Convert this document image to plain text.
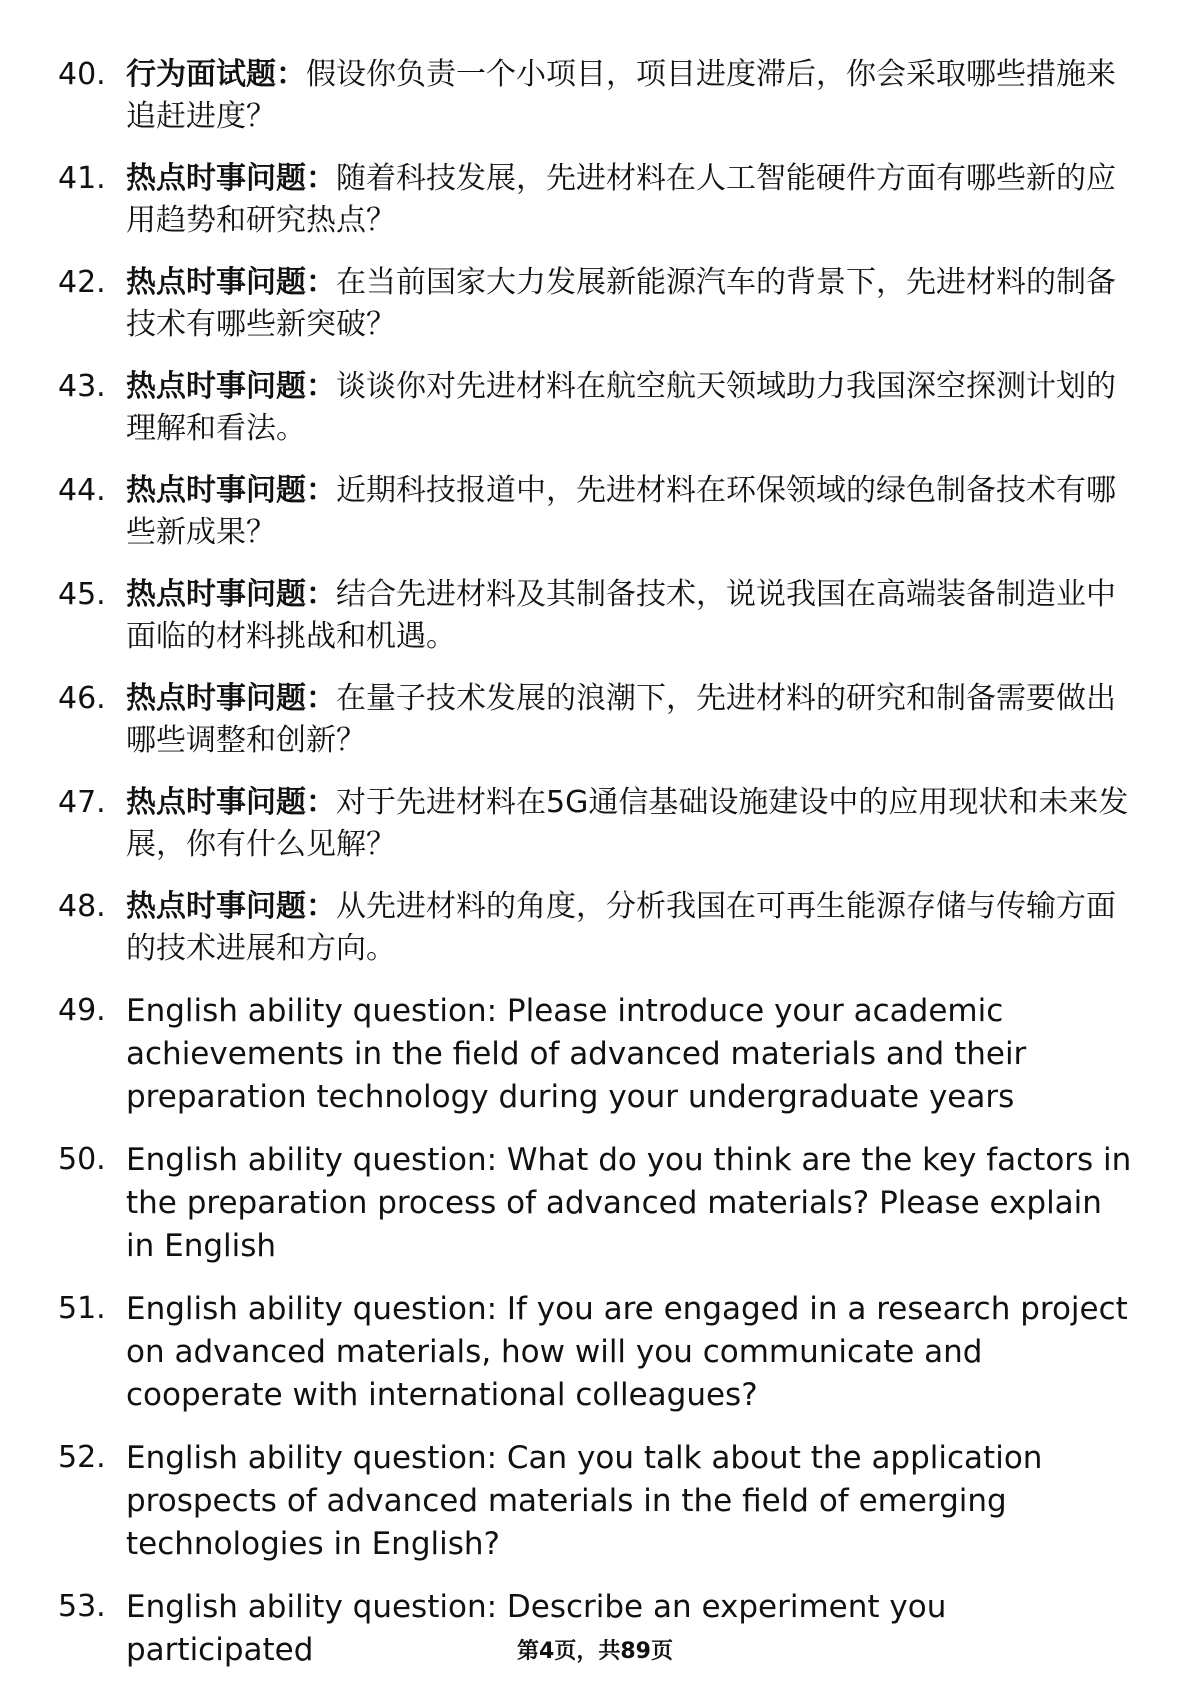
40. 行为面试题：假设你负责一个小项目，项目进度滞后，你会采取哪些措施来追赶进度？
41. 热点时事问题：随着科技发展，先进材料在人工智能硬件方面有哪些新的应用趋势和研究热点？
42. 热点时事问题：在当前国家大力发展新能源汽车的背景下，先进材料的制备技术有哪些新突破？
43. 热点时事问题：谈谈你对先进材料在航空航天领域助力我国深空探测计划的理解和看法。
44. 热点时事问题：近期科技报道中，先进材料在环保领域的绿色制备技术有哪些新成果？
45. 热点时事问题：结合先进材料及其制备技术，说说我国在高端装备制造业中面临的材料挑战和机遇。
46. 热点时事问题：在量子技术发展的浪潮下，先进材料的研究和制备需要做出哪些调整和创新？
47. 热点时事问题：对于先进材料在5G通信基础设施建设中的应用现状和未来发展，你有什么见解？
48. 热点时事问题：从先进材料的角度，分析我国在可再生能源存储与传输方面的技术进展和方向。
49. English ability question: Please introduce your academic achievements in the field of advanced materials and their preparation technology during your undergraduate years
50. English ability question: What do you think are the key factors in the preparation process of advanced materials? Please explain in English
51. English ability question: If you are engaged in a research project on advanced materials, how will you communicate and cooperate with international colleagues?
52. English ability question: Can you talk about the application prospects of advanced materials in the field of emerging technologies in English?
53. English ability question: Describe an experiment you participated	第4页，共89页
